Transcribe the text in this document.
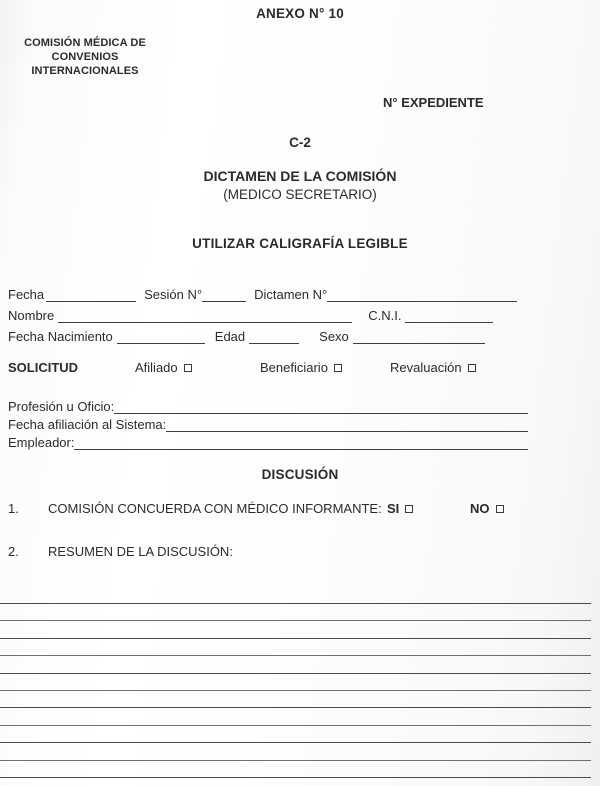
ANEXO N° 10
COMISIÓN MÉDICA DE
CONVENIOS INTERNACIONALES
N° EXPEDIENTE
C-2
DICTAMEN DE LA COMISIÓN
(MEDICO SECRETARIO)
UTILIZAR CALIGRAFÍA LEGIBLE
Fecha	Sesión N°	Dictamen N°
Nombre	C.N.I.
Fecha Nacimiento	Edad	Sexo
SOLICITUD	Afiliado	Beneficiario	Revaluación
Profesión u Oficio:
Fecha afiliación al Sistema:
Empleador:
DISCUSIÓN
1. COMISIÓN CONCUERDA CON MÉDICO INFORMANTE: SI	NO
2. RESUMEN DE LA DISCUSIÓN:
